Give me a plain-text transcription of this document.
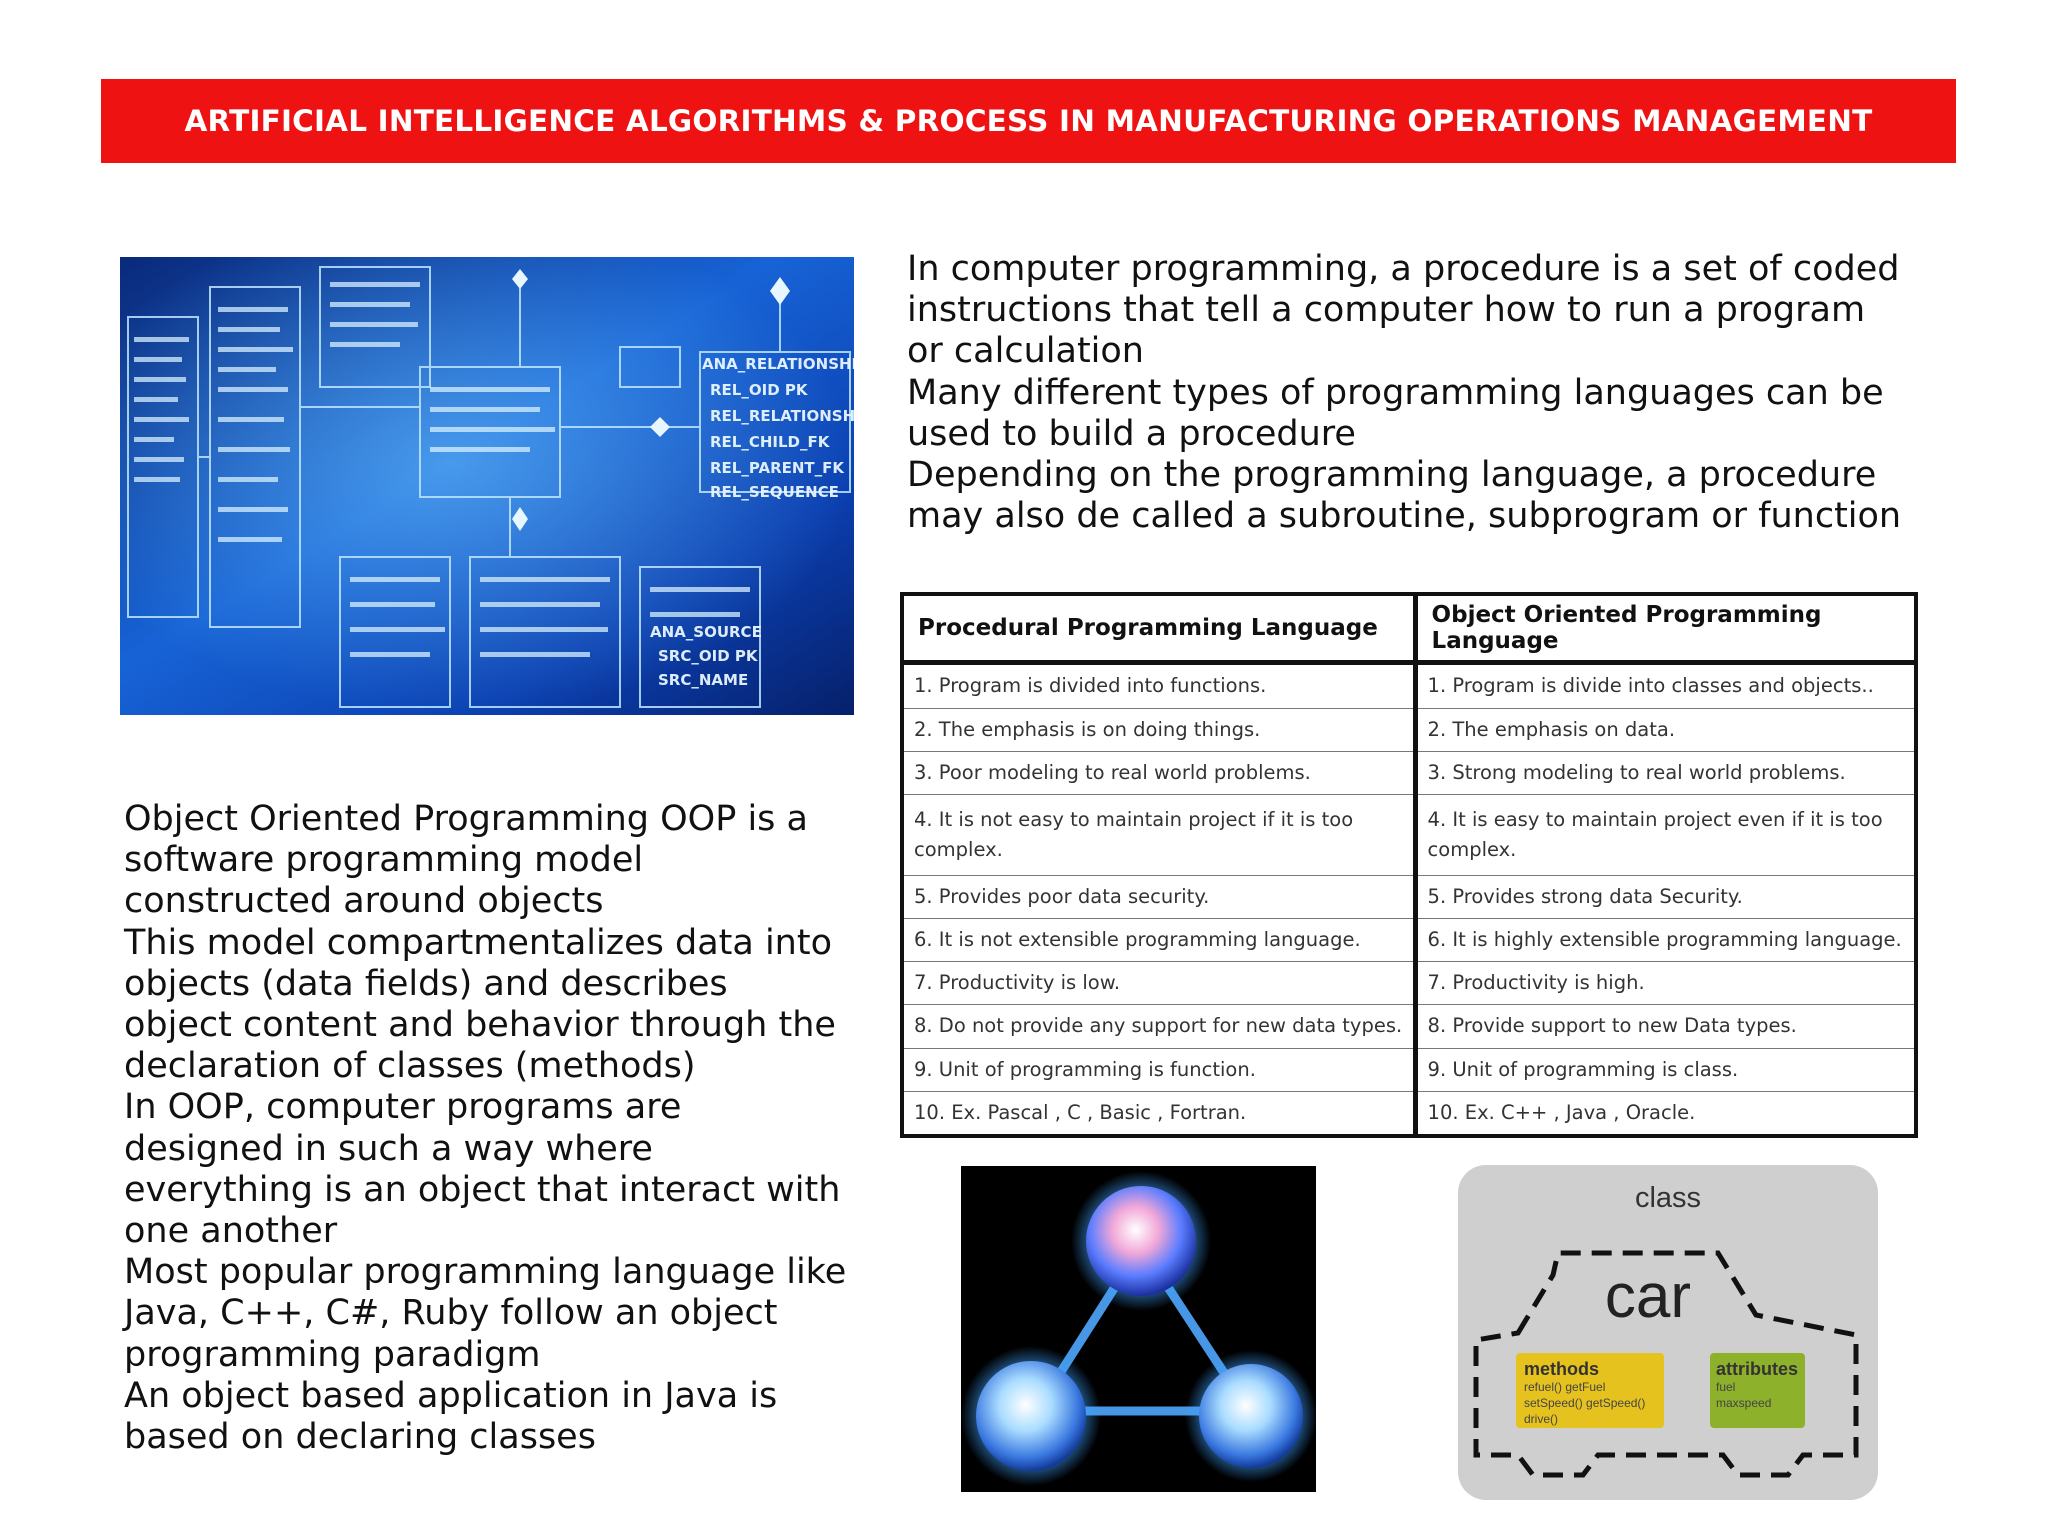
ARTIFICIAL INTELLIGENCE ALGORITHMS & PROCESS IN MANUFACTURING OPERATIONS MANAGEMENT
ANA_RELATIONSHIP
REL_OID PK
REL_RELATIONSH
REL_CHILD_FK
REL_PARENT_FK
REL_SEQUENCE
ANA_SOURCE
SRC_OID PK
SRC_NAME
In computer programming, a procedure is a set of coded
instructions that tell a computer how to run a program
or calculation
Many different types of programming languages can be
used to build a procedure
Depending on the programming language, a procedure
may also de called a subroutine, subprogram or function
Procedural Programming Language	Object Oriented Programming Language
1. Program is divided into functions.	1. Program is divide into classes and objects..
2. The emphasis is on doing things.	2. The emphasis on data.
3. Poor modeling to real world problems.	3. Strong modeling to real world problems.
4. It is not easy to maintain project if it is too complex.	4. It is easy to maintain project even if it is too complex.
5. Provides poor data security.	5. Provides strong data Security.
6. It is not extensible programming language.	6. It is highly extensible programming language.
7. Productivity is low.	7. Productivity is high.
8. Do not provide any support for new data types.	8. Provide support to new Data types.
9. Unit of programming is function.	9. Unit of programming is class.
10. Ex. Pascal , C , Basic , Fortran.	10. Ex. C++ , Java , Oracle.
Object Oriented Programming OOP is a
software programming model
constructed around objects
This model compartmentalizes data into
objects (data fields) and describes
object content and behavior through the
declaration of classes (methods)
In OOP, computer programs are
designed in such a way where
everything is an object that interact with
one another
Most popular programming language like
Java, C++, C#, Ruby follow an object
programming paradigm
An object based application in Java is
based on declaring classes
class
car
methods
refuel() getFuel
setSpeed() getSpeed()
drive()
attributes
fuel
maxspeed
